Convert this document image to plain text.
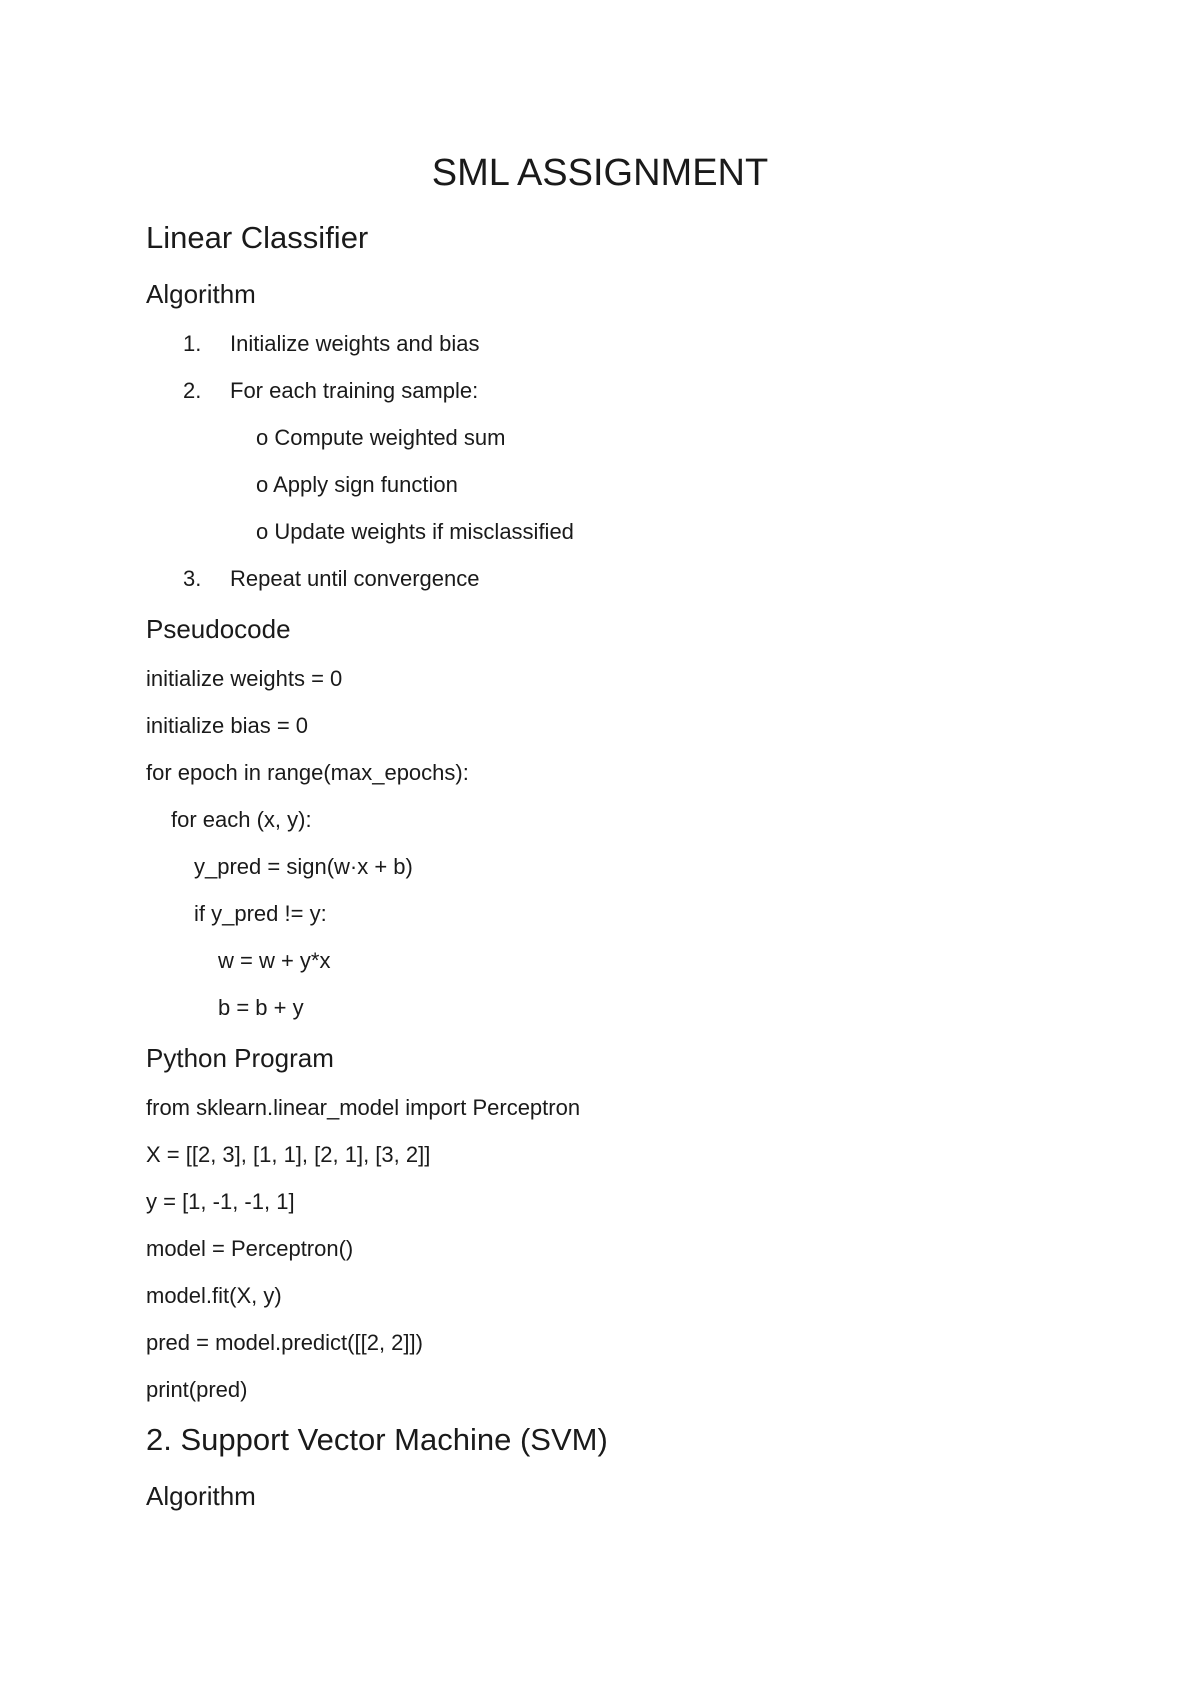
SML ASSIGNMENT
Linear Classifier
Algorithm
1. Initialize weights and bias
2. For each training sample:
o Compute weighted sum
o Apply sign function
o Update weights if misclassified
3. Repeat until convergence
Pseudocode
initialize weights = 0
initialize bias = 0
for epoch in range(max_epochs):
for each (x, y):
y_pred = sign(w·x + b)
if y_pred != y:
w = w + y*x
b = b + y
Python Program
from sklearn.linear_model import Perceptron
X = [[2, 3], [1, 1], [2, 1], [3, 2]]
y = [1, -1, -1, 1]
model = Perceptron()
model.fit(X, y)
pred = model.predict([[2, 2]])
print(pred)
2. Support Vector Machine (SVM)
Algorithm
